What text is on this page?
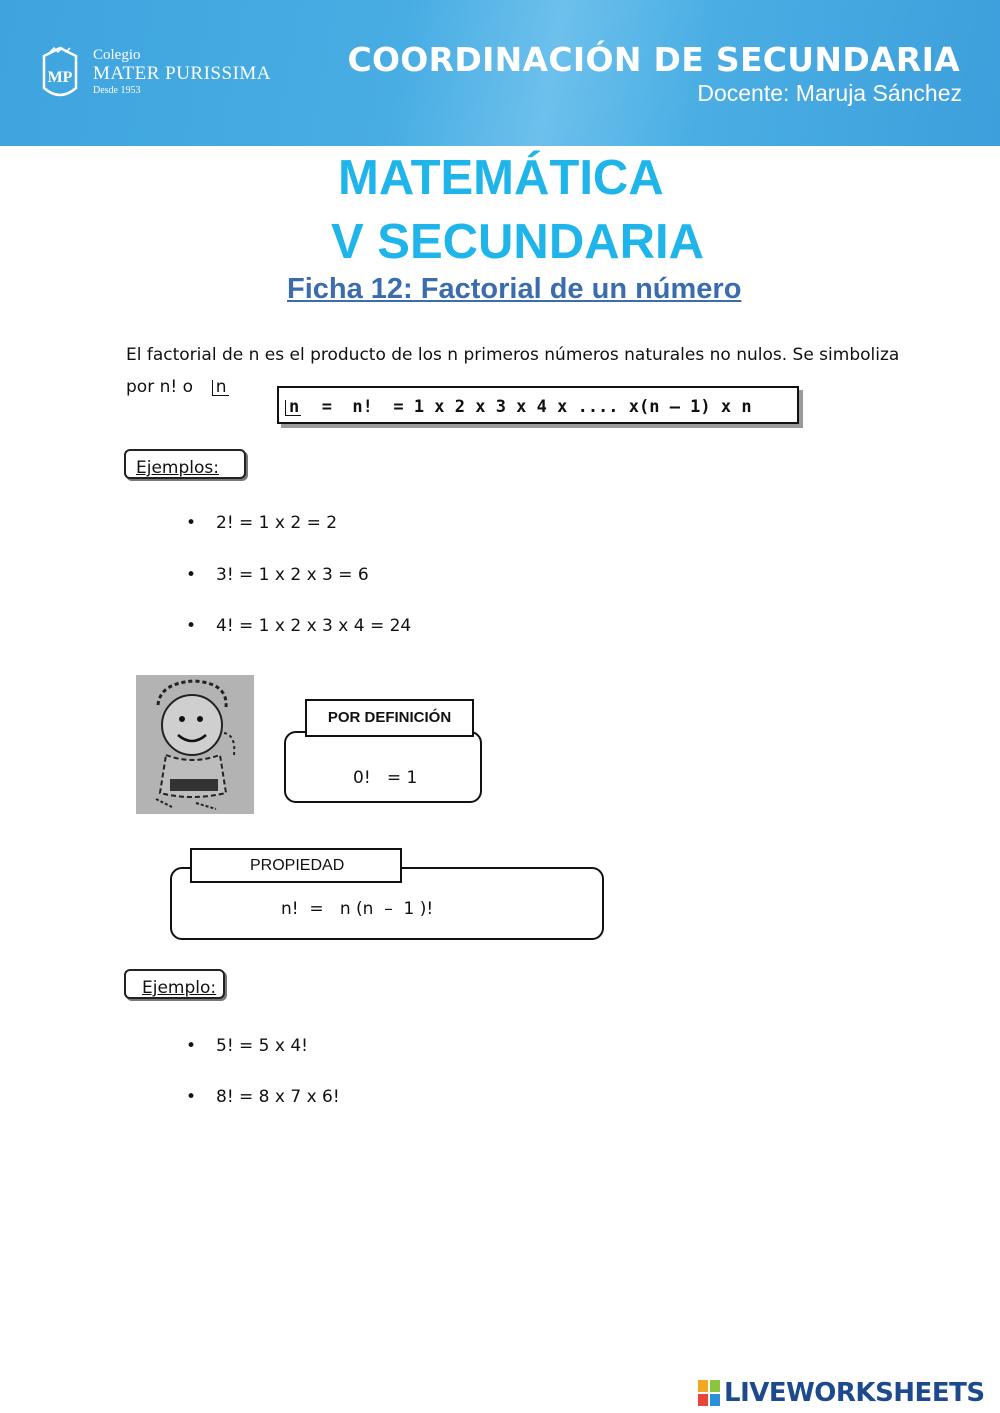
MP
Colegio
MATER PURISSIMA
Desde 1953
COORDINACIÓN DE SECUNDARIA
Docente: Maruja Sánchez
MATEMÁTICA
V SECUNDARIA
Ficha 12: Factorial de un número
El factorial de n es el producto de los n primeros números naturales no nulos. Se simboliza
por n! o n
n  =  n!  = 1 x 2 x 3 x 4 x .... x(n – 1) x n
Ejemplos:
2! = 1 x 2 = 2
3! = 1 x 2 x 3 = 6
4! = 1 x 2 x 3 x 4 = 24
POR DEFINICIÓN
0!   = 1
PROPIEDAD
n!  =   n (n  –  1 )!
Ejemplo:
5! = 5 x 4!
8! = 8 x 7 x 6!
LIVEWORKSHEETS
